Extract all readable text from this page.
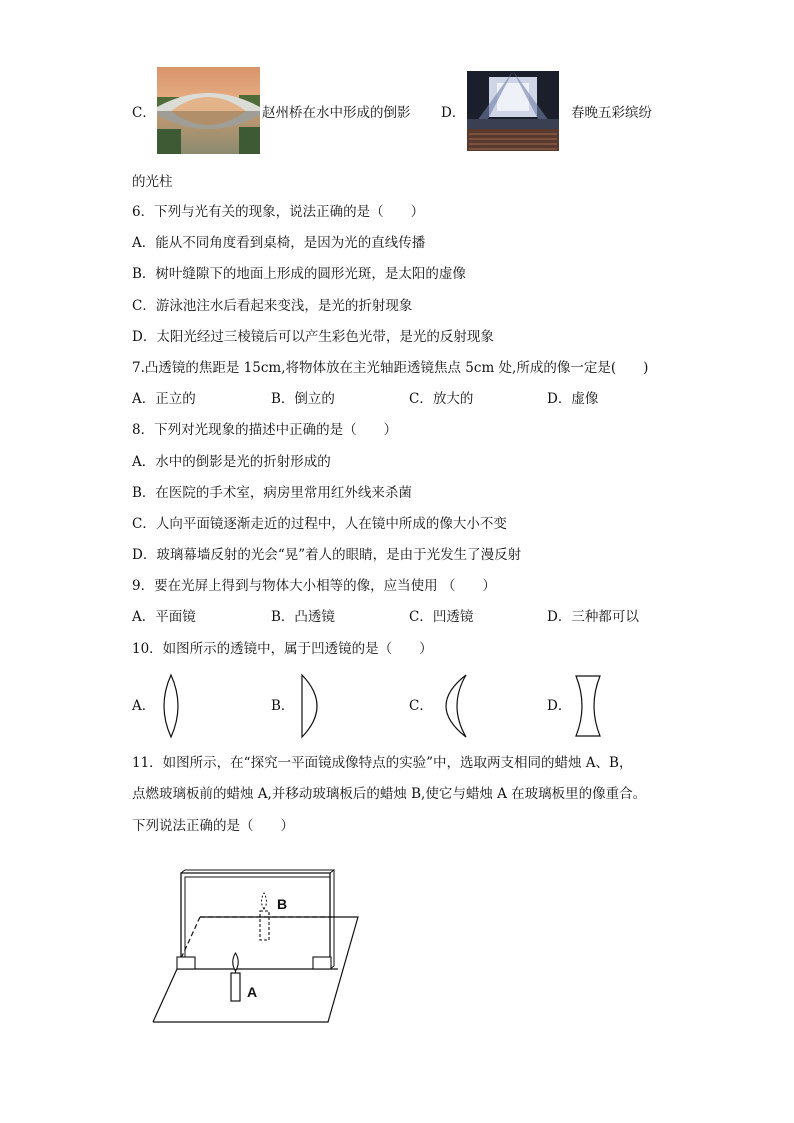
C．	赵州桥在水中形成的倒影 D．	春晚五彩缤纷
的光柱
6．下列与光有关的现象，说法正确的是（　　）
A．能从不同角度看到桌椅，是因为光的直线传播
B．树叶缝隙下的地面上形成的圆形光斑，是太阳的虚像
C．游泳池注水后看起来变浅，是光的折射现象
D．太阳光经过三棱镜后可以产生彩色光带，是光的反射现象
7.凸透镜的焦距是 15cm,将物体放在主光轴距透镜焦点 5cm 处,所成的像一定是(　　)
A．正立的	B．倒立的	C．放大的	D．虚像
8．下列对光现象的描述中正确的是（　　）
A．水中的倒影是光的折射形成的
B．在医院的手术室，病房里常用红外线来杀菌
C．人向平面镜逐渐走近的过程中，人在镜中所成的像大小不变
D．玻璃幕墙反射的光会“晃”着人的眼睛，是由于光发生了漫反射
9．要在光屏上得到与物体大小相等的像，应当使用 （　　）
A．平面镜	B．凸透镜	C．凹透镜	D．三种都可以
10．如图所示的透镜中，属于凹透镜的是（　　）
A．	B．	C．	D．
11．如图所示，在“探究一平面镜成像特点的实验”中，选取两支相同的蜡烛 A、B，
点燃玻璃板前的蜡烛 A,并移动玻璃板后的蜡烛 B,使它与蜡烛 A 在玻璃板里的像重合。
下列说法正确的是（　　）
B
A
